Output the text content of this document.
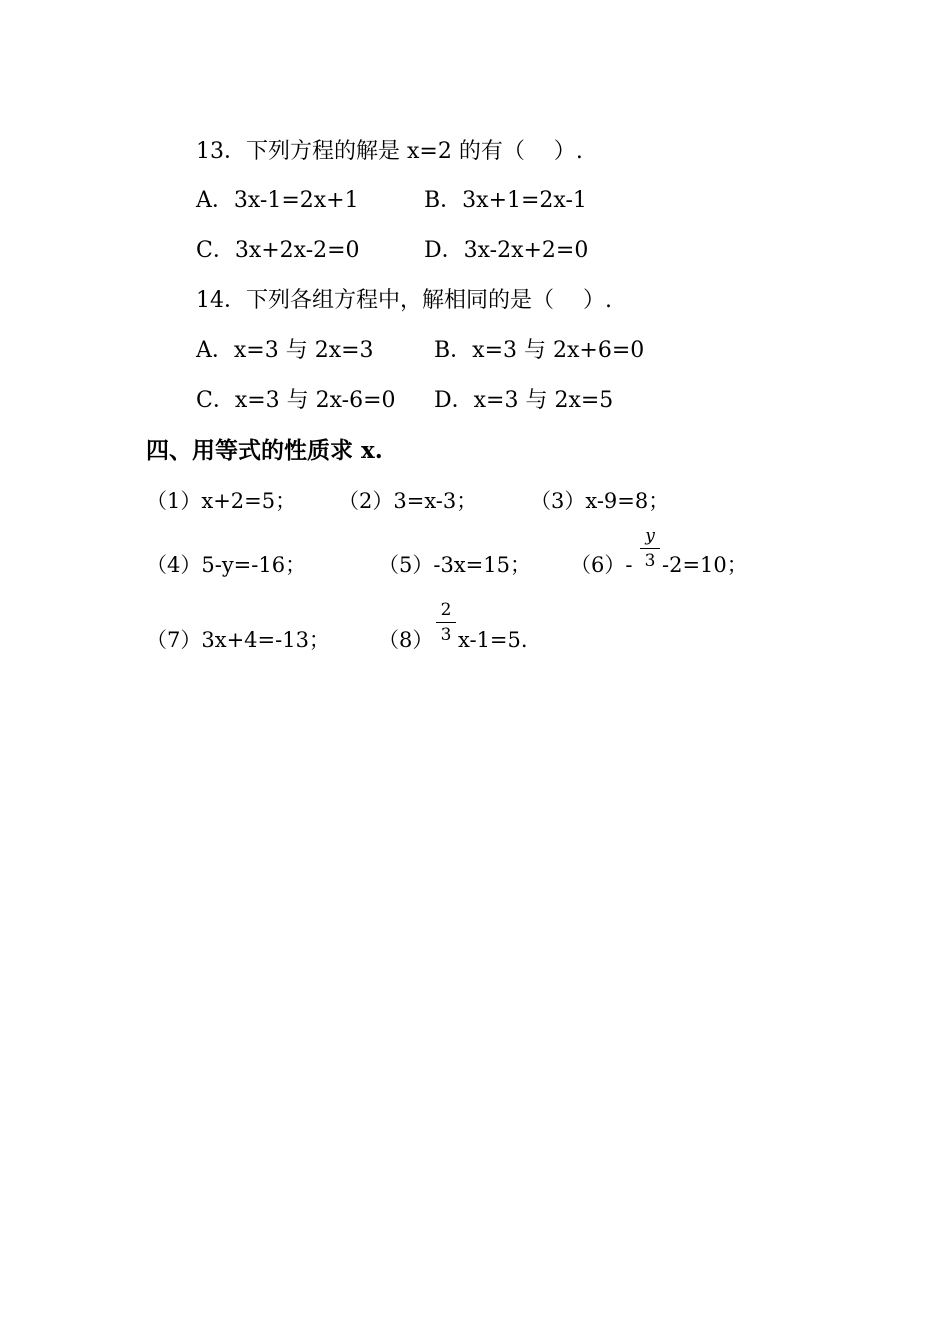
13．下列方程的解是 x=2 的有（　 ）.
A．3x-1=2x+1	B．3x+1=2x-1
C．3x+2x-2=0	D．3x-2x+2=0
14．下列各组方程中，解相同的是（　 ）.
A．x=3 与 2x=3	B．x=3 与 2x+6=0
C．x=3 与 2x-6=0 D．x=3 与 2x=5
四、用等式的性质求 x.
（1）x+2=5； （2）3=x-3；	（3）x-9=8；
（4）5-y=-16；	（5）-3x=15； （6）-
y
3 -2=10；
（7）3x+4=-13； （8）
2
3 x-1=5.
